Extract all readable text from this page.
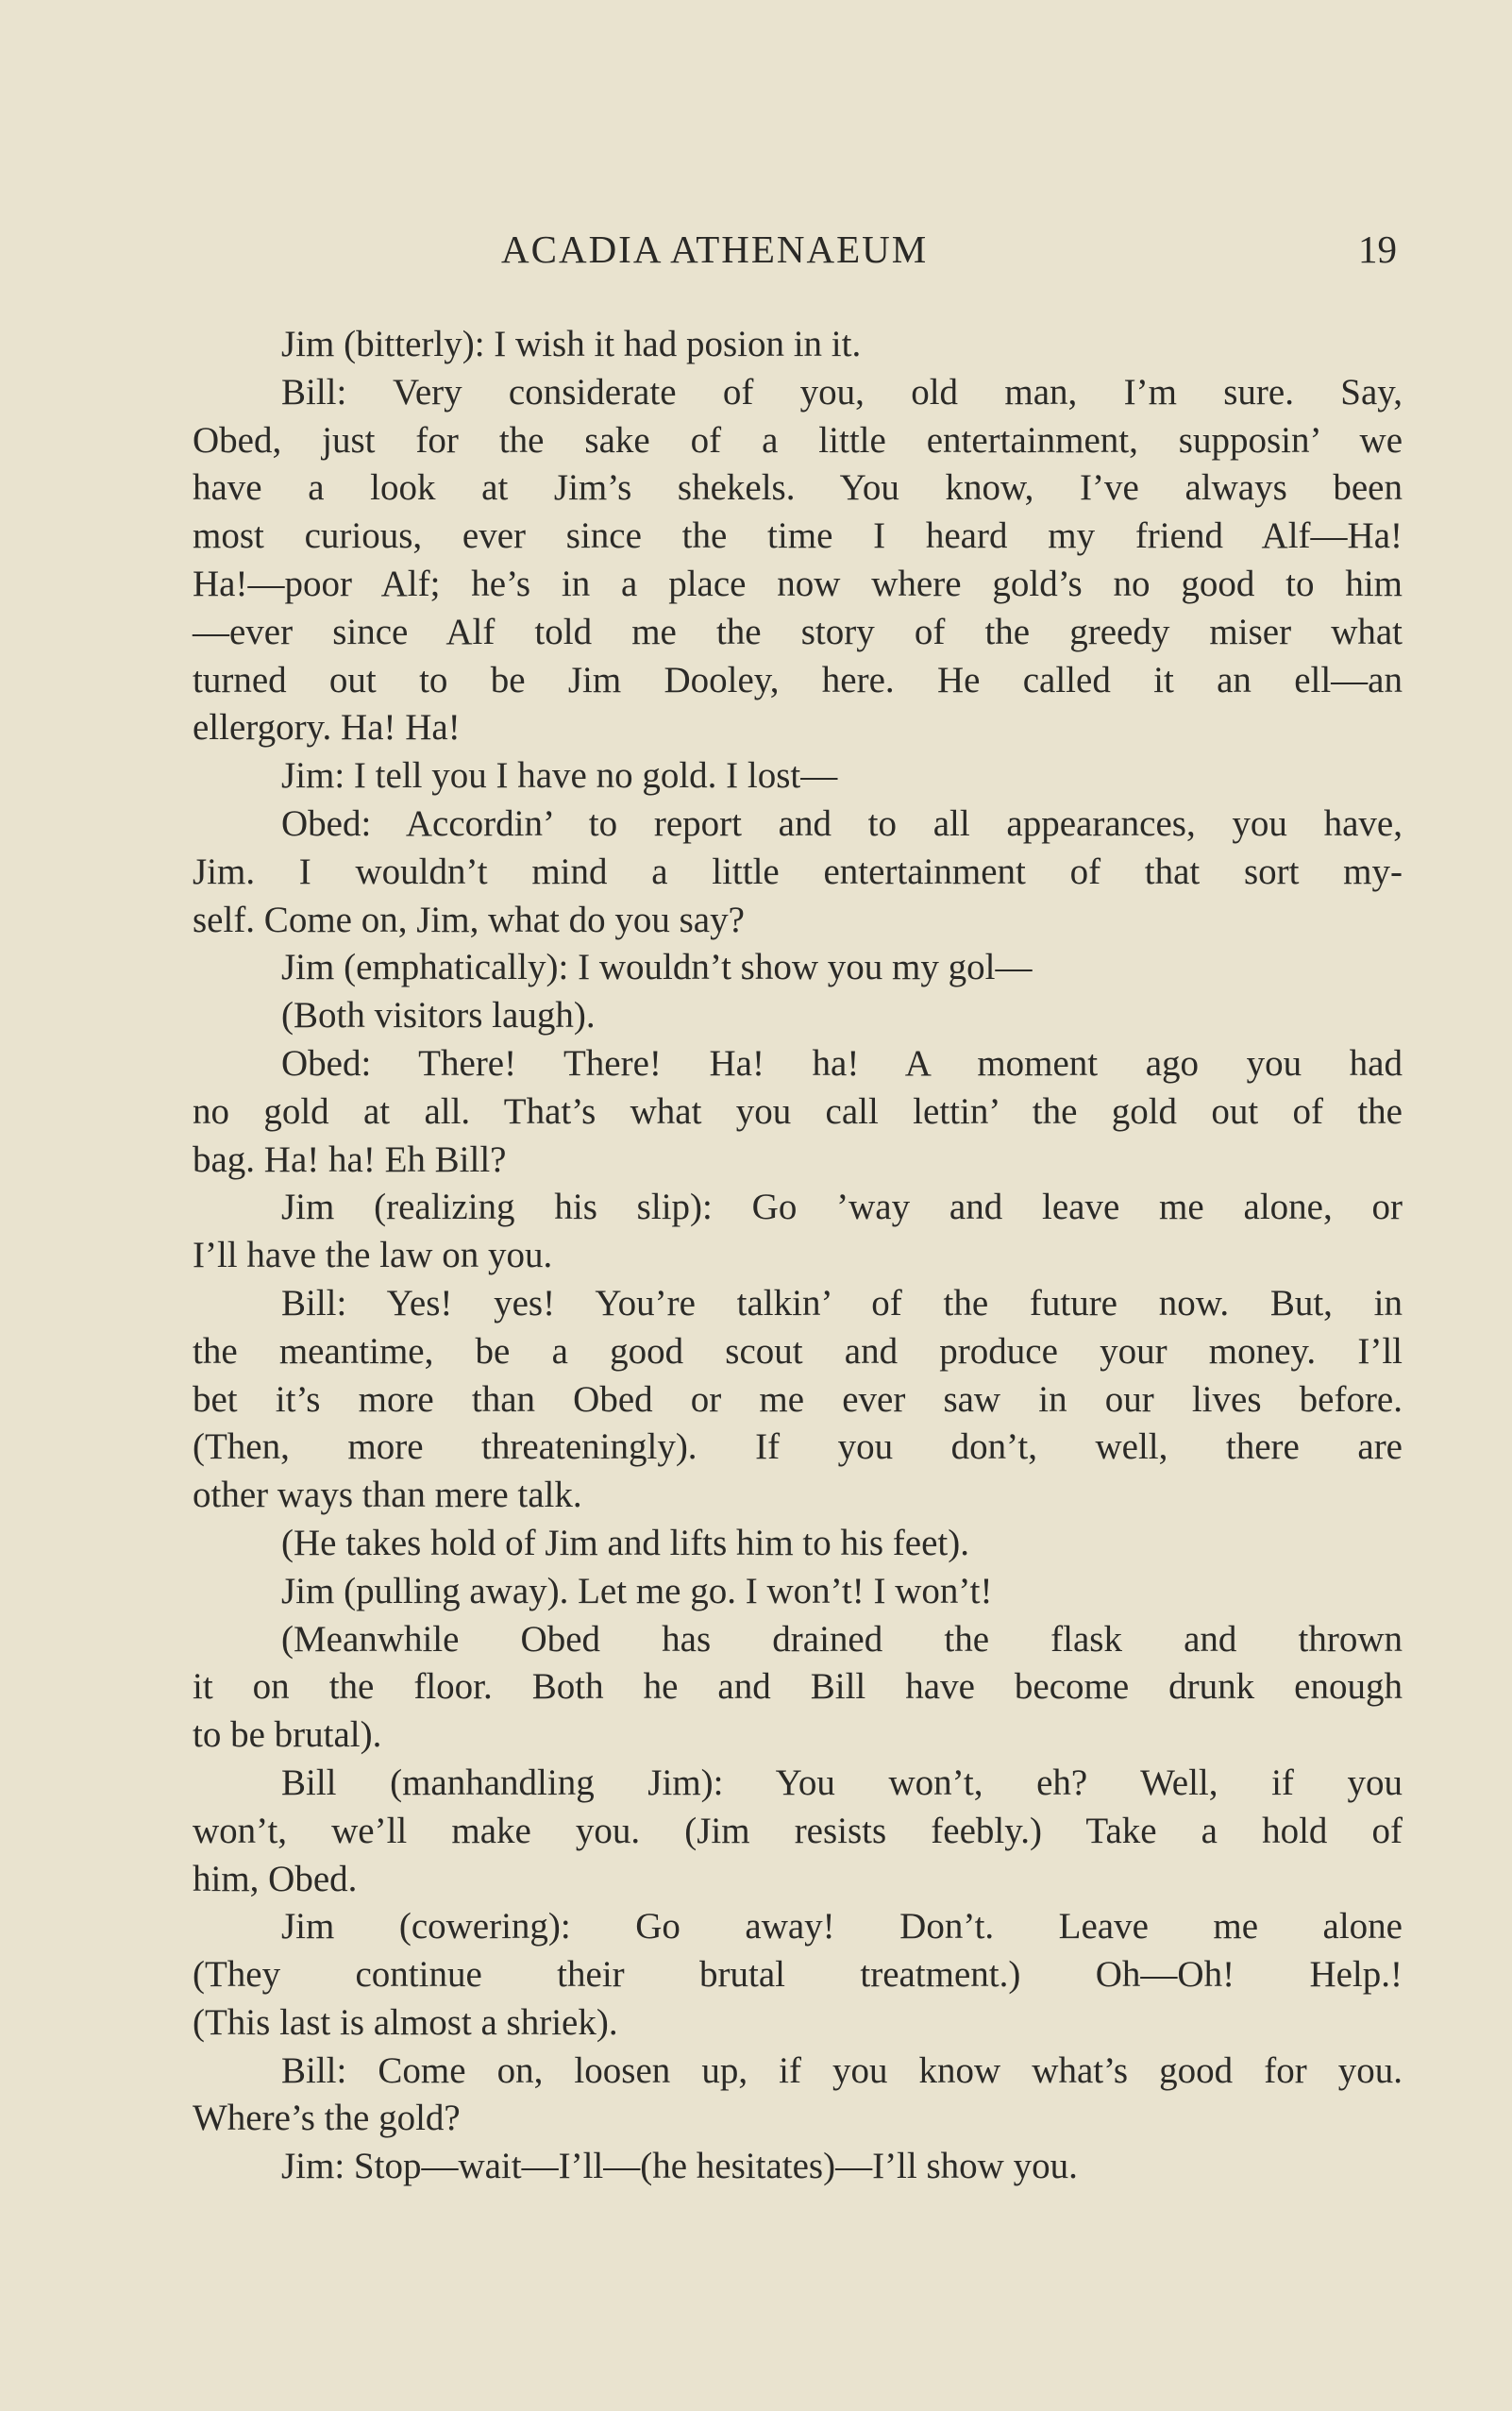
ACADIA ATHENAEUM	19
Jim (bitterly): I wish it had posion in it.
Bill: Very considerate of you, old man, I’m sure. Say,
Obed, just for the sake of a little entertainment, supposin’ we
have a look at Jim’s shekels. You know, I’ve always been
most curious, ever since the time I heard my friend Alf—Ha!
Ha!—poor Alf; he’s in a place now where gold’s no good to him
—ever since Alf told me the story of the greedy miser what
turned out to be Jim Dooley, here. He called it an ell—an
ellergory. Ha! Ha!
Jim: I tell you I have no gold. I lost—
Obed: Accordin’ to report and to all appearances, you have,
Jim. I wouldn’t mind a little entertainment of that sort my-
self. Come on, Jim, what do you say?
Jim (emphatically): I wouldn’t show you my gol—
(Both visitors laugh).
Obed: There! There! Ha! ha! A moment ago you had
no gold at all. That’s what you call lettin’ the gold out of the
bag. Ha! ha! Eh Bill?
Jim (realizing his slip): Go ’way and leave me alone, or
I’ll have the law on you.
Bill: Yes! yes! You’re talkin’ of the future now. But, in
the meantime, be a good scout and produce your money. I’ll
bet it’s more than Obed or me ever saw in our lives before.
(Then, more threateningly). If you don’t, well, there are
other ways than mere talk.
(He takes hold of Jim and lifts him to his feet).
Jim (pulling away). Let me go. I won’t! I won’t!
(Meanwhile Obed has drained the flask and thrown
it on the floor. Both he and Bill have become drunk enough
to be brutal).
Bill (manhandling Jim): You won’t, eh? Well, if you
won’t, we’ll make you. (Jim resists feebly.) Take a hold of
him, Obed.
Jim (cowering): Go away! Don’t. Leave me alone
(They continue their brutal treatment.) Oh—Oh! Help.!
(This last is almost a shriek).
Bill: Come on, loosen up, if you know what’s good for you.
Where’s the gold?
Jim: Stop—wait—I’ll—(he hesitates)—I’ll show you.
